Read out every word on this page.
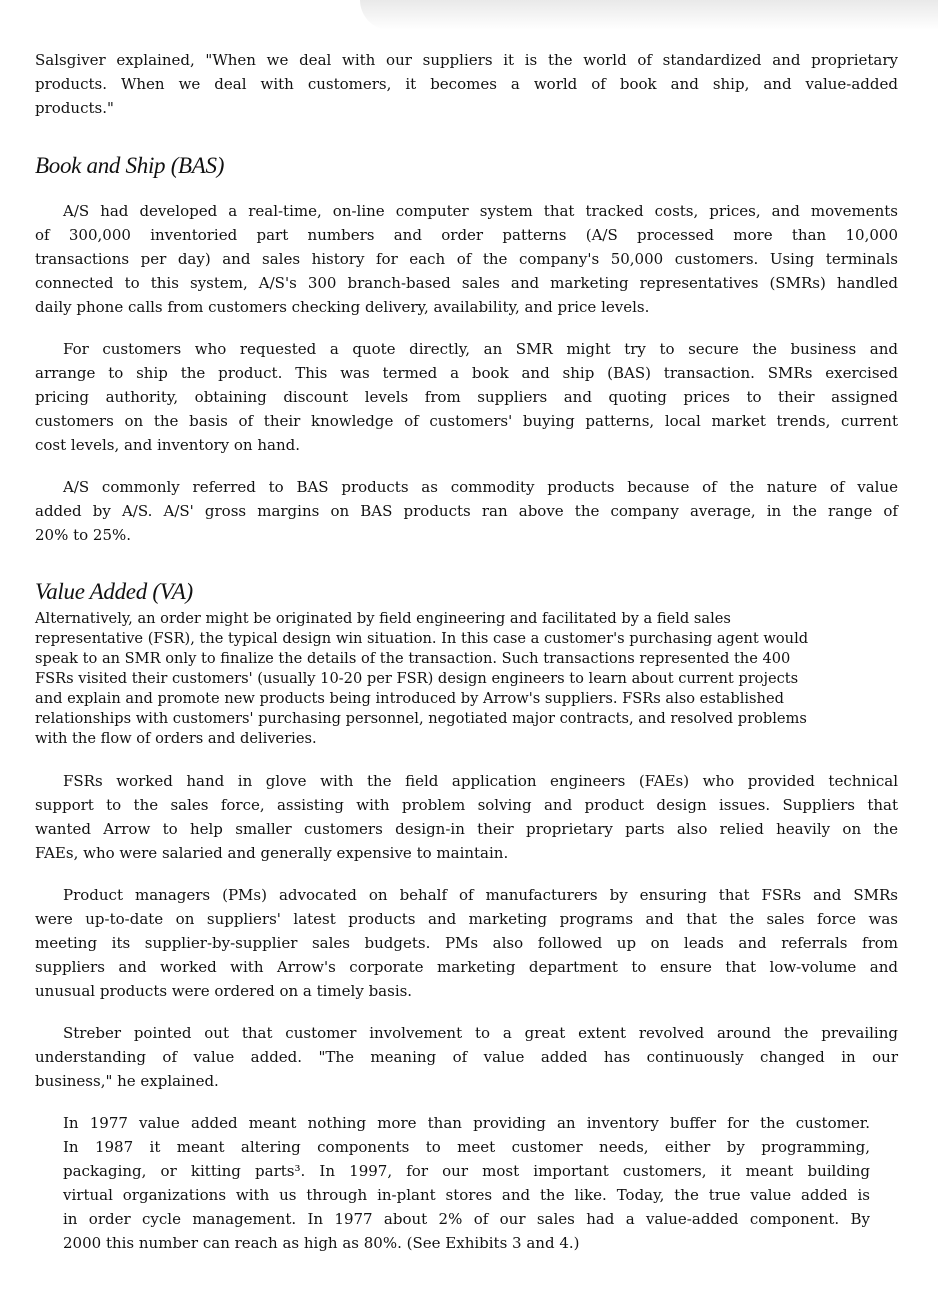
Salsgiver explained, "When we deal with our suppliers it is the world of standardized and proprietary
products. When we deal with customers, it becomes a world of book and ship, and value-added
products."
Book and Ship (BAS)
A/S had developed a real-time, on-line computer system that tracked costs, prices, and movements
of 300,000 inventoried part numbers and order patterns (A/S processed more than 10,000
transactions per day) and sales history for each of the company's 50,000 customers. Using terminals
connected to this system, A/S's 300 branch-based sales and marketing representatives (SMRs) handled
daily phone calls from customers checking delivery, availability, and price levels.
For customers who requested a quote directly, an SMR might try to secure the business and
arrange to ship the product. This was termed a book and ship (BAS) transaction. SMRs exercised
pricing authority, obtaining discount levels from suppliers and quoting prices to their assigned
customers on the basis of their knowledge of customers' buying patterns, local market trends, current
cost levels, and inventory on hand.
A/S commonly referred to BAS products as commodity products because of the nature of value
added by A/S. A/S' gross margins on BAS products ran above the company average, in the range of
20% to 25%.
Value Added (VA)
Alternatively, an order might be originated by field engineering and facilitated by a field sales
representative (FSR), the typical design win situation. In this case a customer's purchasing agent would
speak to an SMR only to finalize the details of the transaction. Such transactions represented the 400
FSRs visited their customers' (usually 10-20 per FSR) design engineers to learn about current projects
and explain and promote new products being introduced by Arrow's suppliers. FSRs also established
relationships with customers' purchasing personnel, negotiated major contracts, and resolved problems
with the flow of orders and deliveries.
FSRs worked hand in glove with the field application engineers (FAEs) who provided technical
support to the sales force, assisting with problem solving and product design issues. Suppliers that
wanted Arrow to help smaller customers design-in their proprietary parts also relied heavily on the
FAEs, who were salaried and generally expensive to maintain.
Product managers (PMs) advocated on behalf of manufacturers by ensuring that FSRs and SMRs
were up-to-date on suppliers' latest products and marketing programs and that the sales force was
meeting its supplier-by-supplier sales budgets. PMs also followed up on leads and referrals from
suppliers and worked with Arrow's corporate marketing department to ensure that low-volume and
unusual products were ordered on a timely basis.
Streber pointed out that customer involvement to a great extent revolved around the prevailing
understanding of value added. "The meaning of value added has continuously changed in our
business," he explained.
In 1977 value added meant nothing more than providing an inventory buffer for the customer.
In 1987 it meant altering components to meet customer needs, either by programming,
packaging, or kitting parts³. In 1997, for our most important customers, it meant building
virtual organizations with us through in-plant stores and the like. Today, the true value added is
in order cycle management. In 1977 about 2% of our sales had a value-added component. By
2000 this number can reach as high as 80%. (See Exhibits 3 and 4.)
